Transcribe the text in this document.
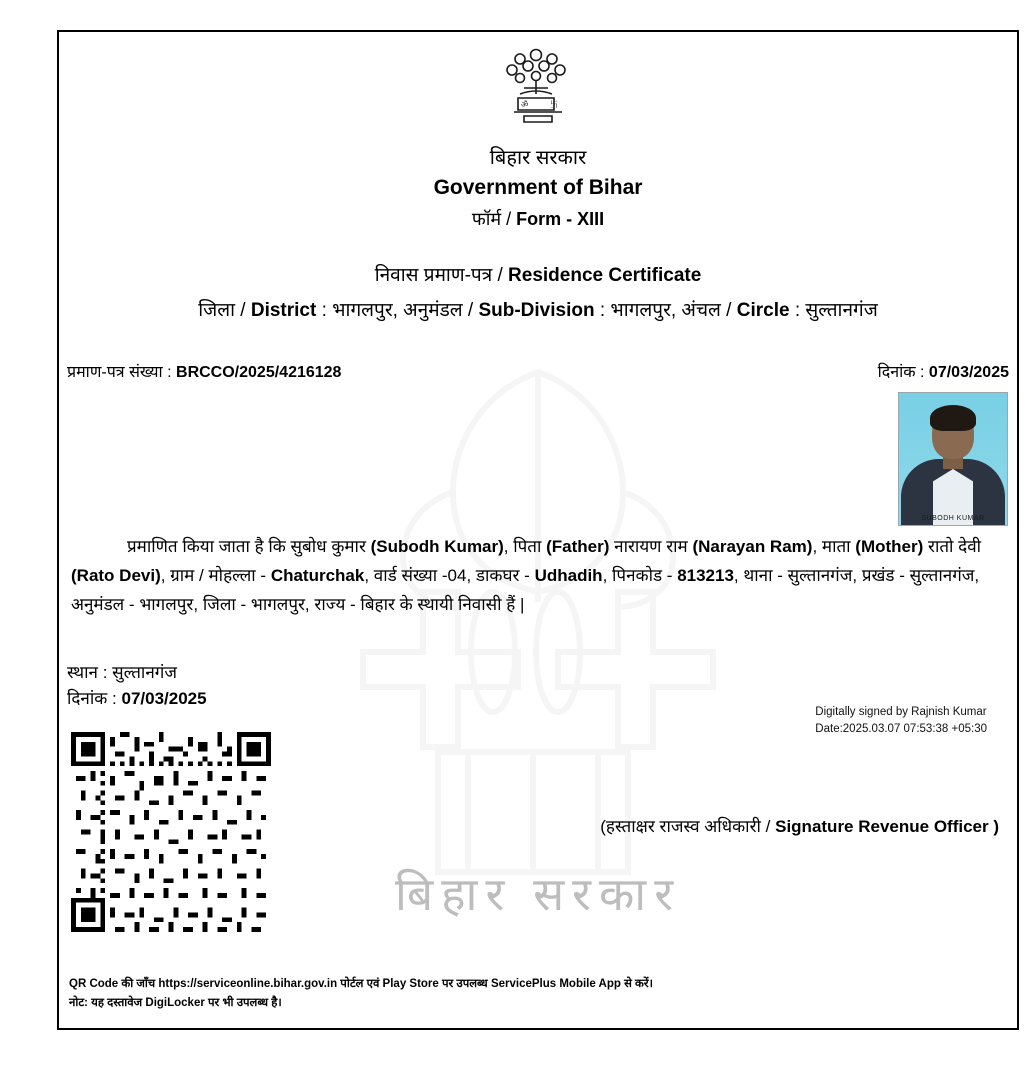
बिहार सरकार
ॐ	卐
बिहार सरकार
Government of Bihar
फॉर्म / Form - XIII
निवास प्रमाण-पत्र / Residence Certificate
जिला / District : भागलपुर, अनुमंडल / Sub-Division : भागलपुर, अंचल / Circle : सुल्तानगंज
प्रमाण-पत्र संख्या : BRCCO/2025/4216128	दिनांक : 07/03/2025
प्रमाणित किया जाता है कि सुबोध कुमार (Subodh Kumar), पिता (Father) नारायण राम (Narayan Ram), माता (Mother) रातो देवी (Rato Devi), ग्राम / मोहल्ला - Chaturchak, वार्ड संख्या -04, डाकघर - Udhadih, पिनकोड - 813213, थाना - सुल्तानगंज, प्रखंड - सुल्तानगंज, अनुमंडल - भागलपुर, जिला - भागलपुर, राज्य - बिहार के स्थायी निवासी हैं |
स्थान : सुल्तानगंज
दिनांक : 07/03/2025
SUBODH KUMAR
Digitally signed by Rajnish Kumar
Date:2025.03.07 07:53:38 +05:30
(हस्ताक्षर राजस्व अधिकारी / Signature Revenue Officer )
QR Code की जाँच https://serviceonline.bihar.gov.in पोर्टल एवं Play Store पर उपलब्ध ServicePlus Mobile App से करें।
नोट: यह दस्तावेज DigiLocker पर भी उपलब्ध है।
